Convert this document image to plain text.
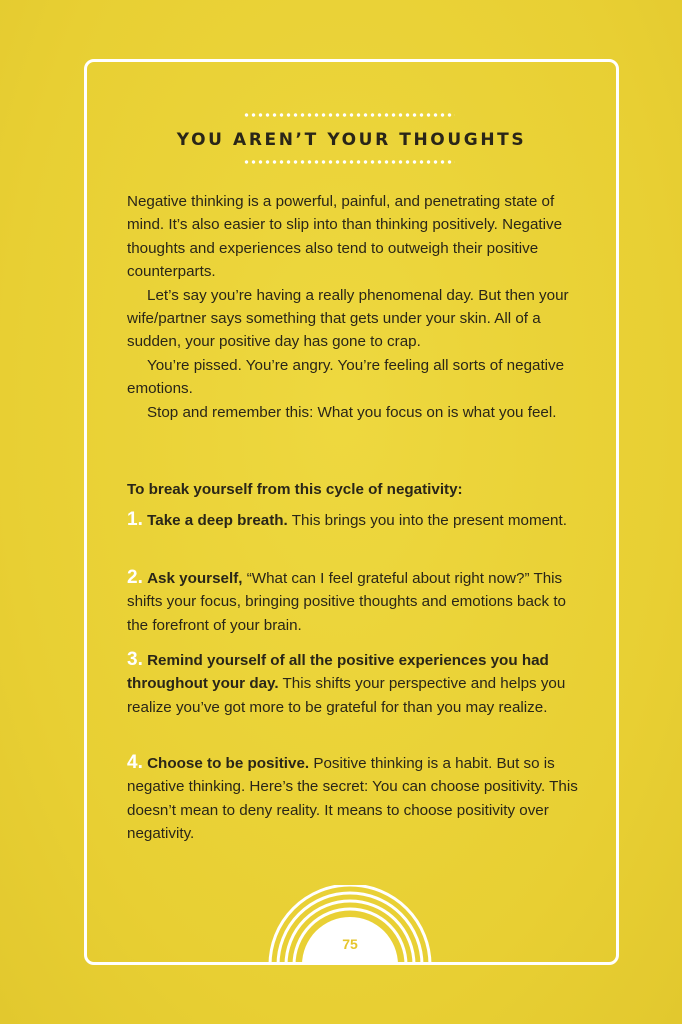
YOU AREN’T YOUR THOUGHTS

Negative thinking is a powerful, painful, and penetrating state of mind. It’s also easier to slip into than thinking positively. Negative thoughts and experiences also tend to outweigh their positive counterparts.

Let’s say you’re having a really phenomenal day. But then your wife/partner says something that gets under your skin. All of a sudden, your positive day has gone to crap.

You’re pissed. You’re angry. You’re feeling all sorts of negative emotions.

Stop and remember this: What you focus on is what you feel.

To break yourself from this cycle of negativity:
1. Take a deep breath. This brings you into the present moment.
2. Ask yourself, “What can I feel grateful about right now?” This shifts your focus, bringing positive thoughts and emotions back to the forefront of your brain.
3. Remind yourself of all the positive experiences you had throughout your day. This shifts your perspective and helps you realize you’ve got more to be grateful for than you may realize.
4. Choose to be positive. Positive thinking is a habit. But so is negative thinking. Here’s the secret: You can choose positivity. This doesn’t mean to deny reality. It means to choose positivity over negativity.
75
